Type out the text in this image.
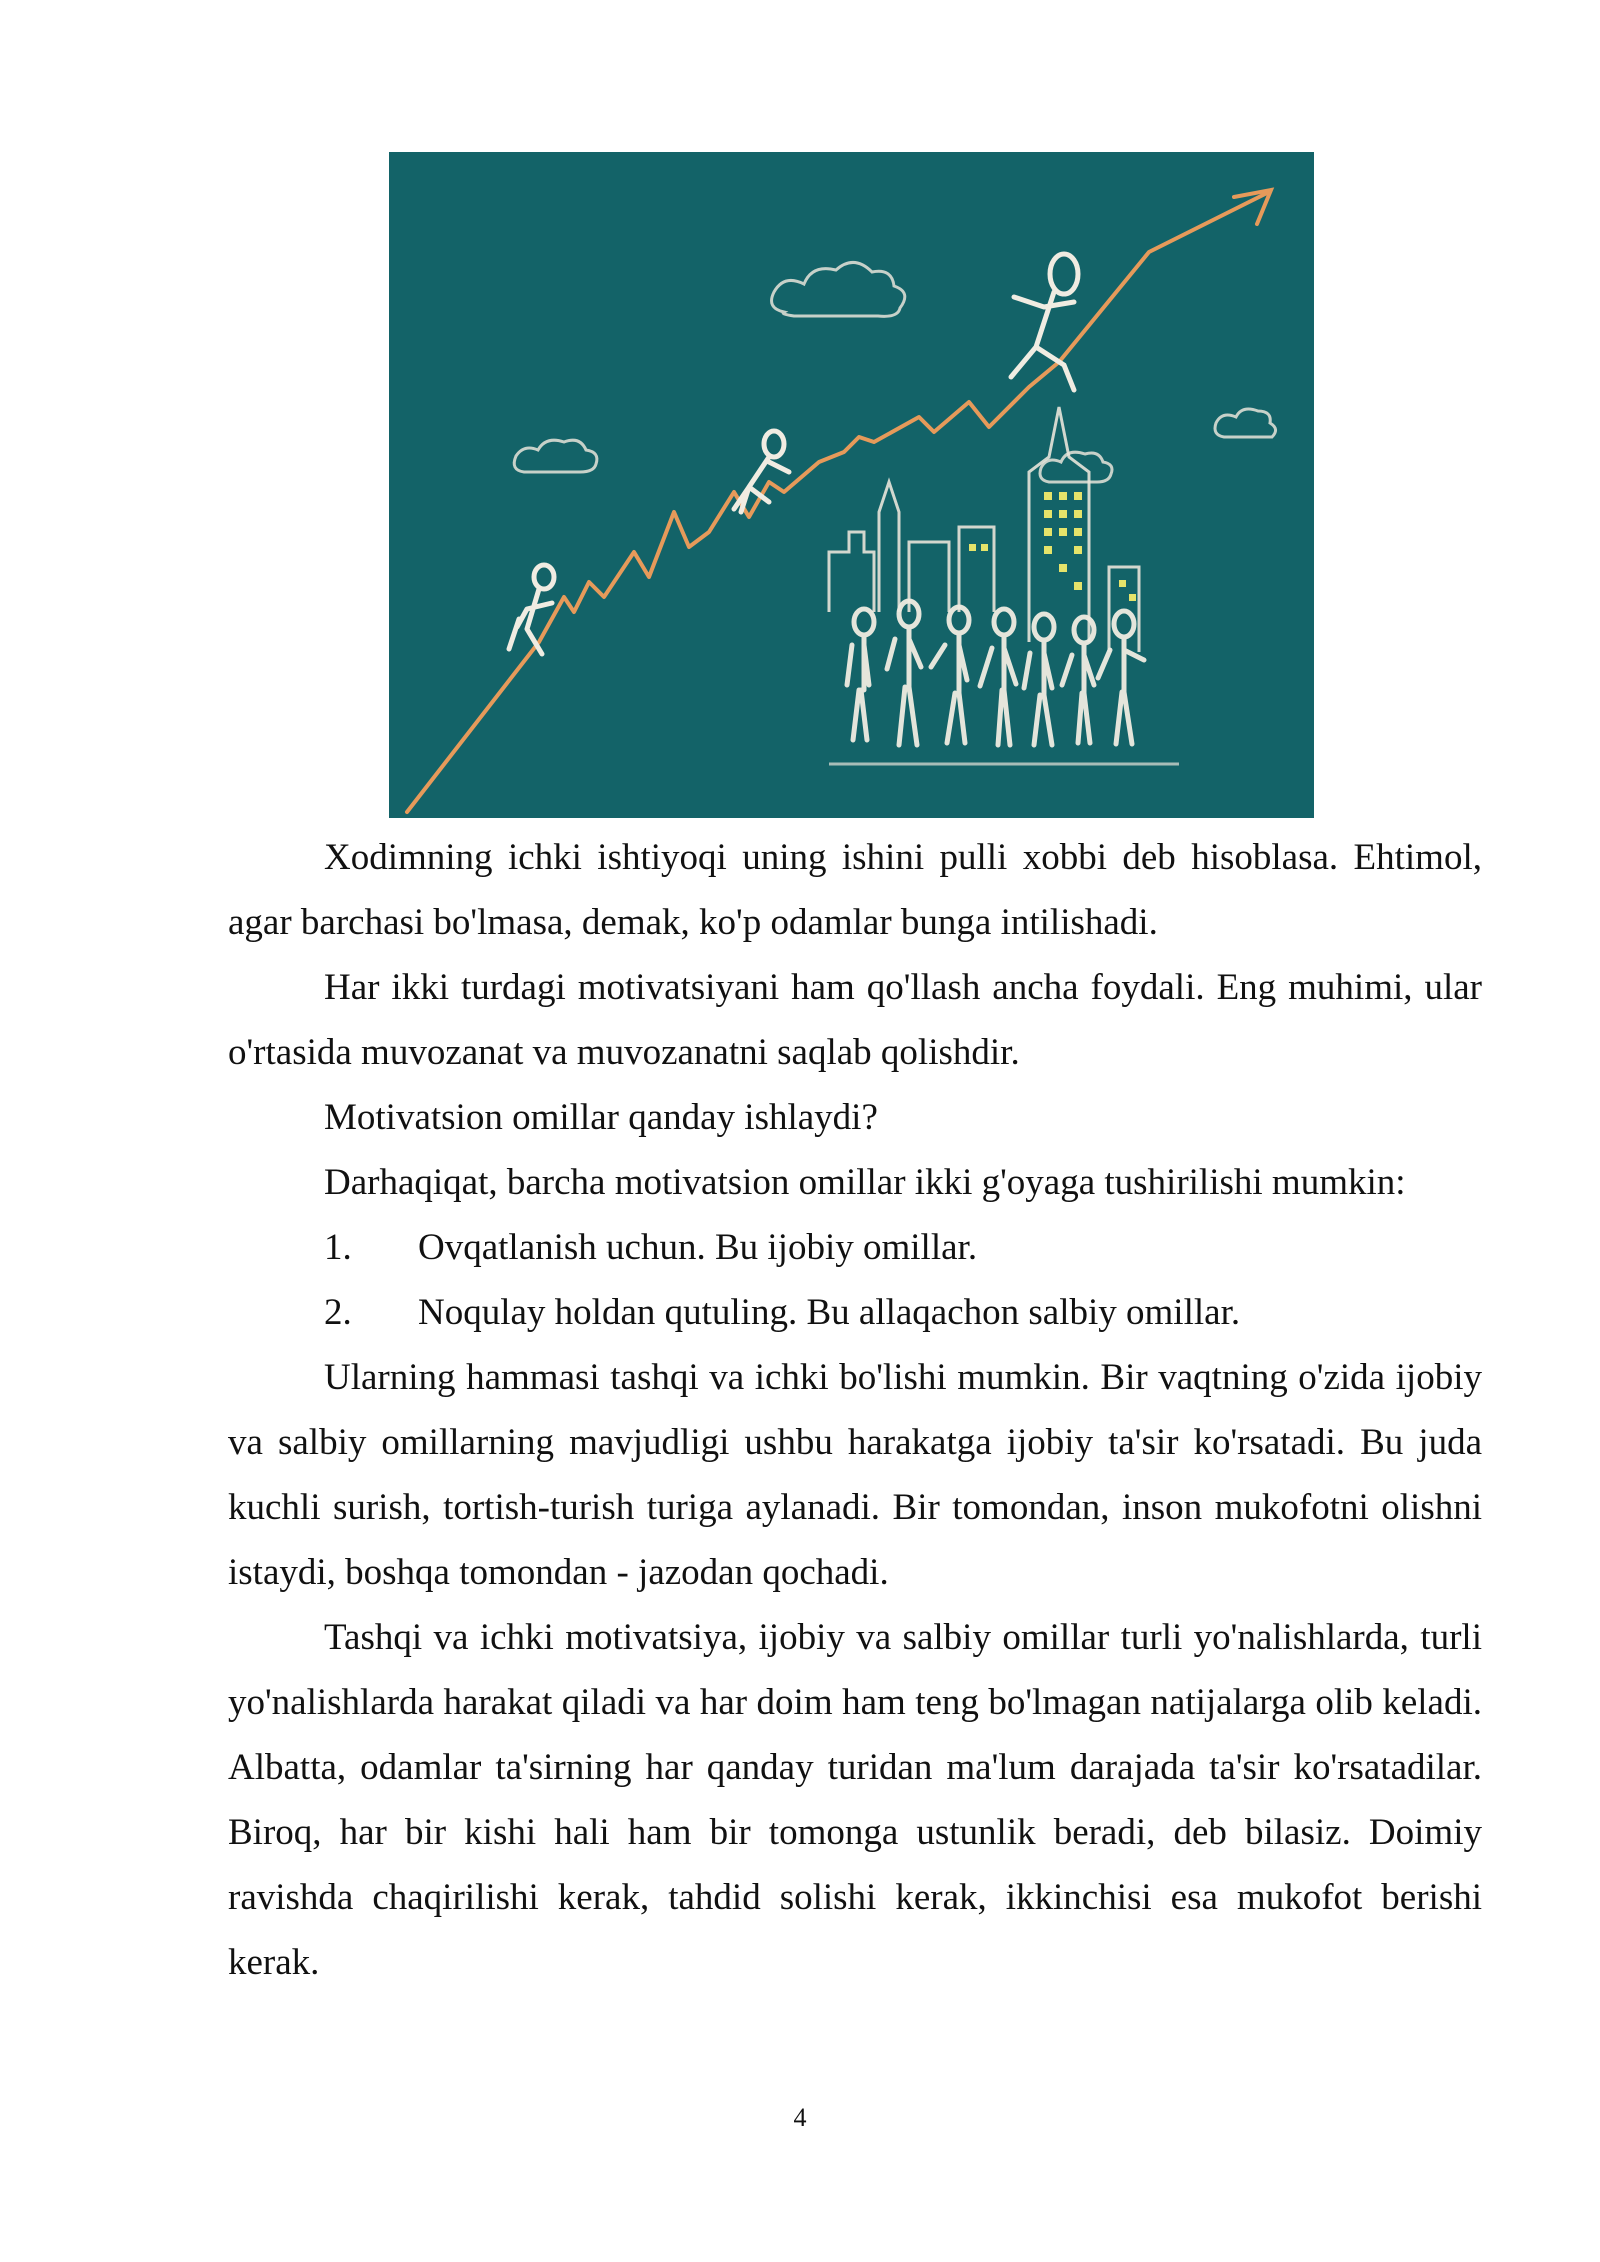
Xodimning ichki ishtiyoqi uning ishini pulli xobbi deb hisoblasa. Ehtimol, agar barchasi bo'lmasa, demak, ko'p odamlar bunga intilishadi.

Har ikki turdagi motivatsiyani ham qo'llash ancha foydali. Eng muhimi, ular o'rtasida muvozanat va muvozanatni saqlab qolishdir.

Motivatsion omillar qanday ishlaydi?

Darhaqiqat, barcha motivatsion omillar ikki g'oyaga tushirilishi mumkin:

1. Ovqatlanish uchun. Bu ijobiy omillar.

2. Noqulay holdan qutuling. Bu allaqachon salbiy omillar.

Ularning hammasi tashqi va ichki bo'lishi mumkin. Bir vaqtning o'zida ijobiy va salbiy omillarning mavjudligi ushbu harakatga ijobiy ta'sir ko'rsatadi. Bu juda kuchli surish, tortish-turish turiga aylanadi. Bir tomondan, inson mukofotni olishni istaydi, boshqa tomondan - jazodan qochadi.

Tashqi va ichki motivatsiya, ijobiy va salbiy omillar turli yo'nalishlarda, turli yo'nalishlarda harakat qiladi va har doim ham teng bo'lmagan natijalarga olib keladi. Albatta, odamlar ta'sirning har qanday turidan ma'lum darajada ta'sir ko'rsatadilar. Biroq, har bir kishi hali ham bir tomonga ustunlik beradi, deb bilasiz. Doimiy ravishda chaqirilishi kerak, tahdid solishi kerak, ikkinchisi esa mukofot berishi kerak.

4
